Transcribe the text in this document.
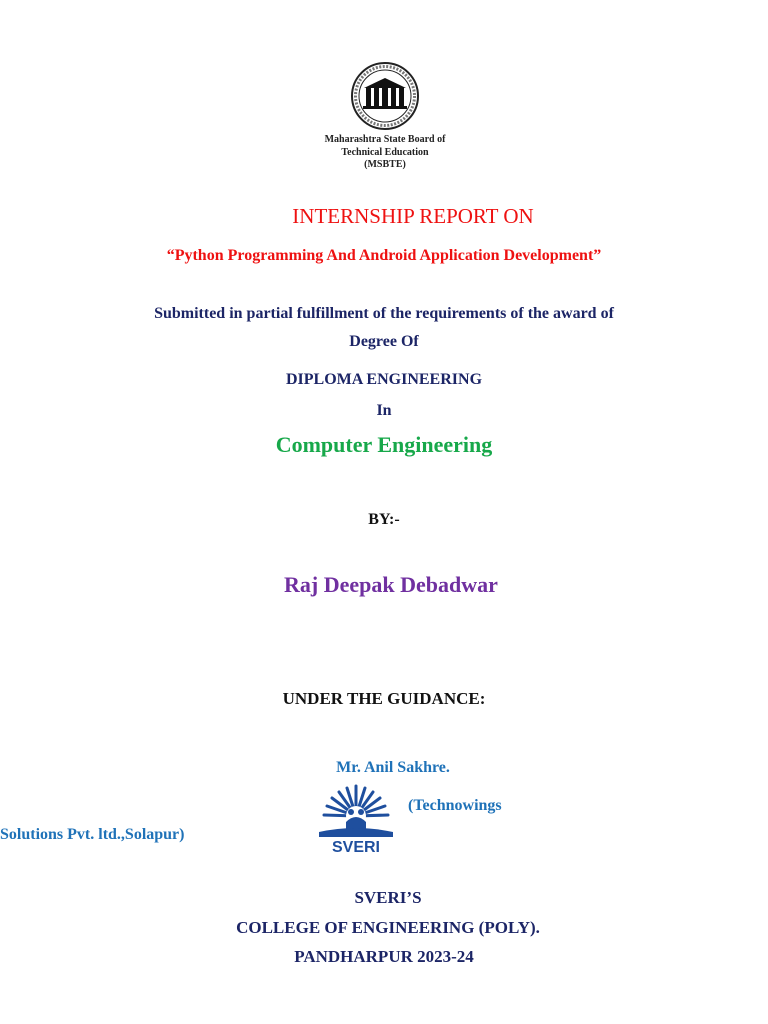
Maharashtra State Board of
Technical Education
(MSBTE)
INTERNSHIP REPORT ON
“Python Programming And Android Application Development”
Submitted in partial fulfillment of the requirements of the award of
Degree Of
DIPLOMA ENGINEERING
In
Computer Engineering
BY:-
Raj Deepak Debadwar
UNDER THE GUIDANCE:
Mr. Anil Sakhre.
SVERI
(Technowings
Solutions Pvt. ltd.,Solapur)
SVERI’S
COLLEGE OF ENGINEERING (POLY).
PANDHARPUR 2023-24
